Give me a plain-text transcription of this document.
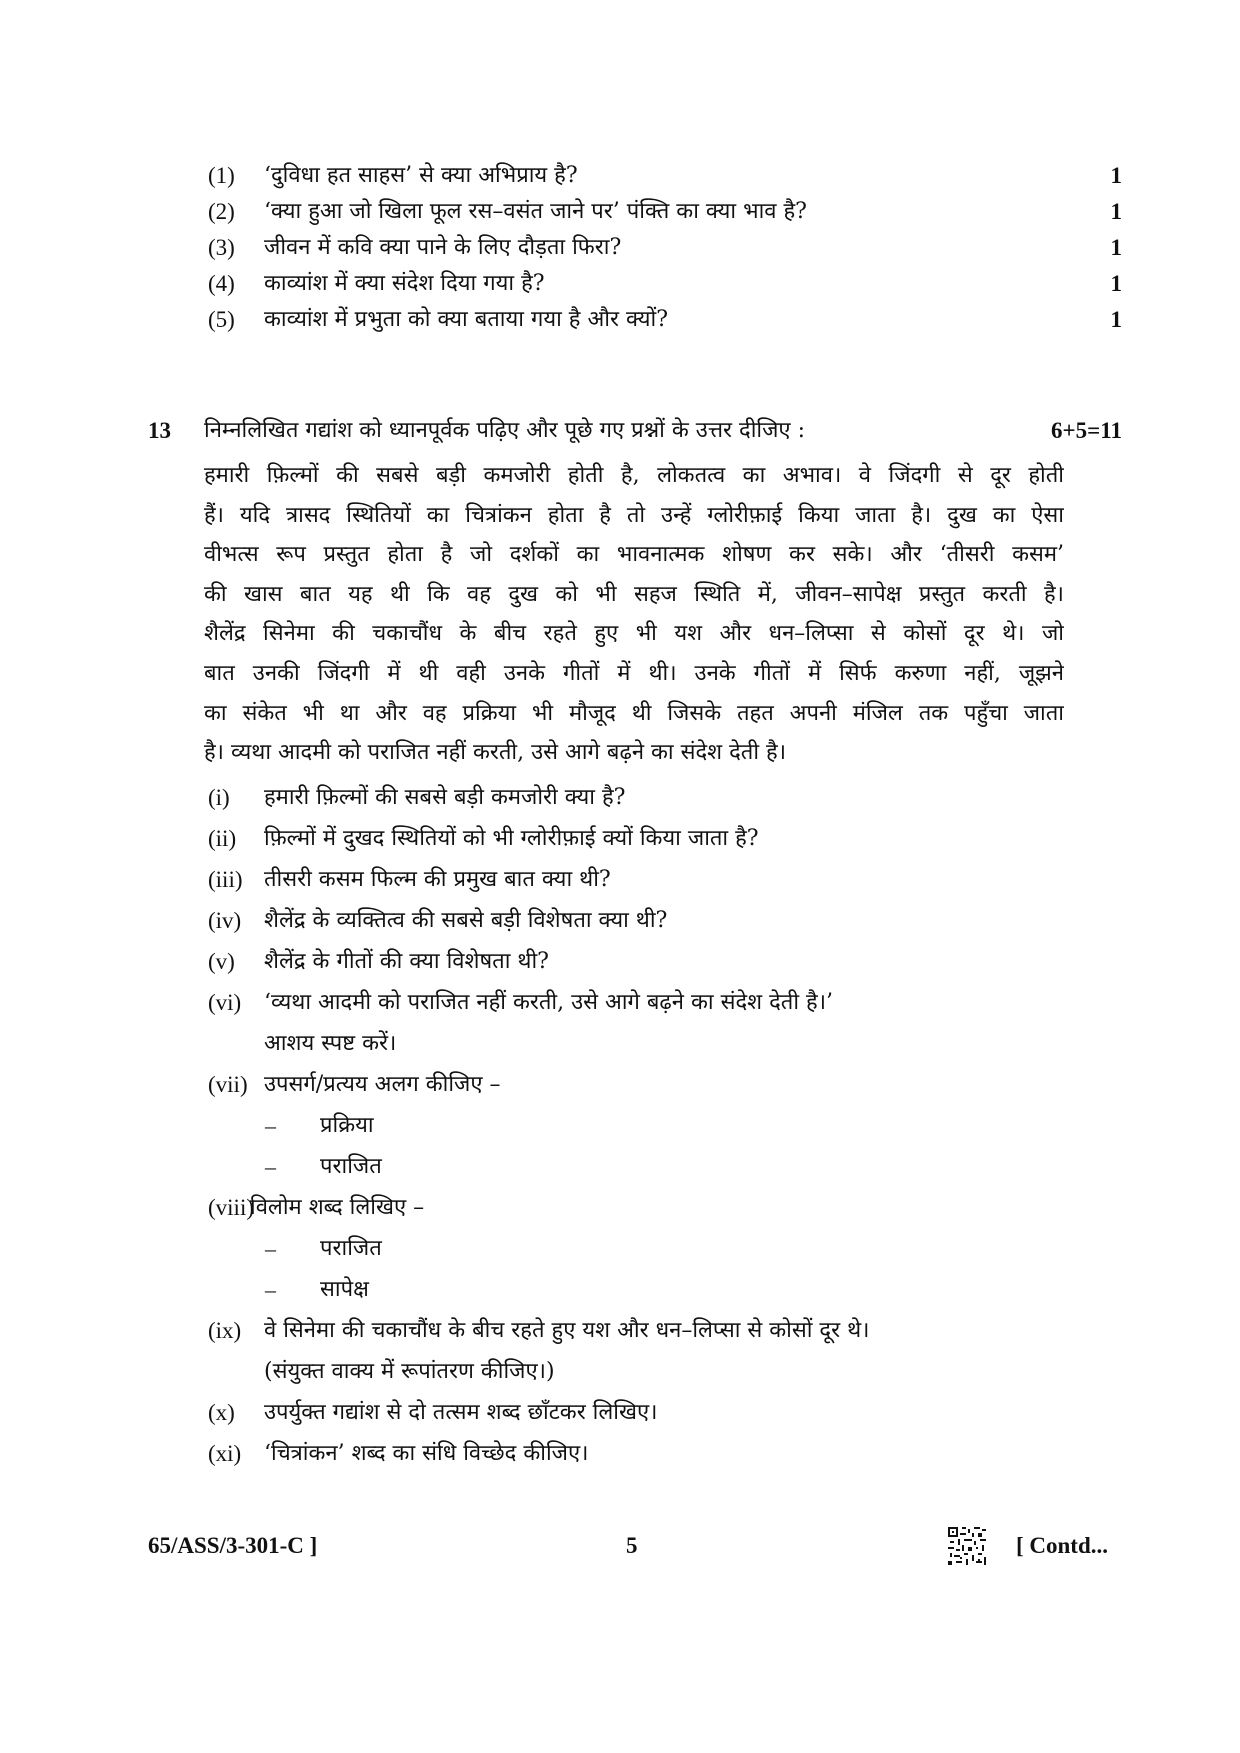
(1)	‘दुविधा हत साहस’ से क्या अभिप्राय है?	1
(2)	‘क्या हुआ जो खिला फूल रस–वसंत जाने पर’ पंक्ति का क्या भाव है?	1
(3)	जीवन में कवि क्या पाने के लिए दौड़ता फिरा?	1
(4)	काव्यांश में क्या संदेश दिया गया है?	1
(5)	काव्यांश में प्रभुता को क्या बताया गया है और क्यों?	1
13 निम्नलिखित गद्यांश को ध्यानपूर्वक पढ़िए और पूछे गए प्रश्नों के उत्तर दीजिए :	6+5=11
हमारी फ़िल्मों की सबसे बड़ी कमजोरी होती है, लोकतत्व का अभाव। वे जिंदगी से दूर होती
हैं। यदि त्रासद स्थितियों का चित्रांकन होता है तो उन्हें ग्लोरीफ़ाई किया जाता है। दुख का ऐसा
वीभत्स रूप प्रस्तुत होता है जो दर्शकों का भावनात्मक शोषण कर सके। और ‘तीसरी कसम’
की खास बात यह थी कि वह दुख को भी सहज स्थिति में, जीवन–सापेक्ष प्रस्तुत करती है।
शैलेंद्र सिनेमा की चकाचौंध के बीच रहते हुए भी यश और धन–लिप्सा से कोसों दूर थे। जो
बात उनकी जिंदगी में थी वही उनके गीतों में थी। उनके गीतों में सिर्फ करुणा नहीं, जूझने
का संकेत भी था और वह प्रक्रिया भी मौजूद थी जिसके तहत अपनी मंजिल तक पहुँचा जाता
है। व्यथा आदमी को पराजित नहीं करती, उसे आगे बढ़ने का संदेश देती है।
(i) हमारी फ़िल्मों की सबसे बड़ी कमजोरी क्या है?
(ii) फ़िल्मों में दुखद स्थितियों को भी ग्लोरीफ़ाई क्यों किया जाता है?
(iii) तीसरी कसम फिल्म की प्रमुख बात क्या थी?
(iv) शैलेंद्र के व्यक्तित्व की सबसे बड़ी विशेषता क्या थी?
(v) शैलेंद्र के गीतों की क्या विशेषता थी?
(vi) ‘व्यथा आदमी को पराजित नहीं करती, उसे आगे बढ़ने का संदेश देती है।’
आशय स्पष्ट करें।
(vii) उपसर्ग/प्रत्यय अलग कीजिए –
– प्रक्रिया
– पराजित
(viii)
विलोम शब्द लिखिए –
– पराजित
– सापेक्ष
(ix) वे सिनेमा की चकाचौंध के बीच रहते हुए यश और धन–लिप्सा से कोसों दूर थे।
(संयुक्त वाक्य में रूपांतरण कीजिए।)
(x) उपर्युक्त गद्यांश से दो तत्सम शब्द छाँटकर लिखिए।
(xi) ‘चित्रांकन’ शब्द का संधि विच्छेद कीजिए।
65/ASS/3-301-C ]	5	[ Contd...
